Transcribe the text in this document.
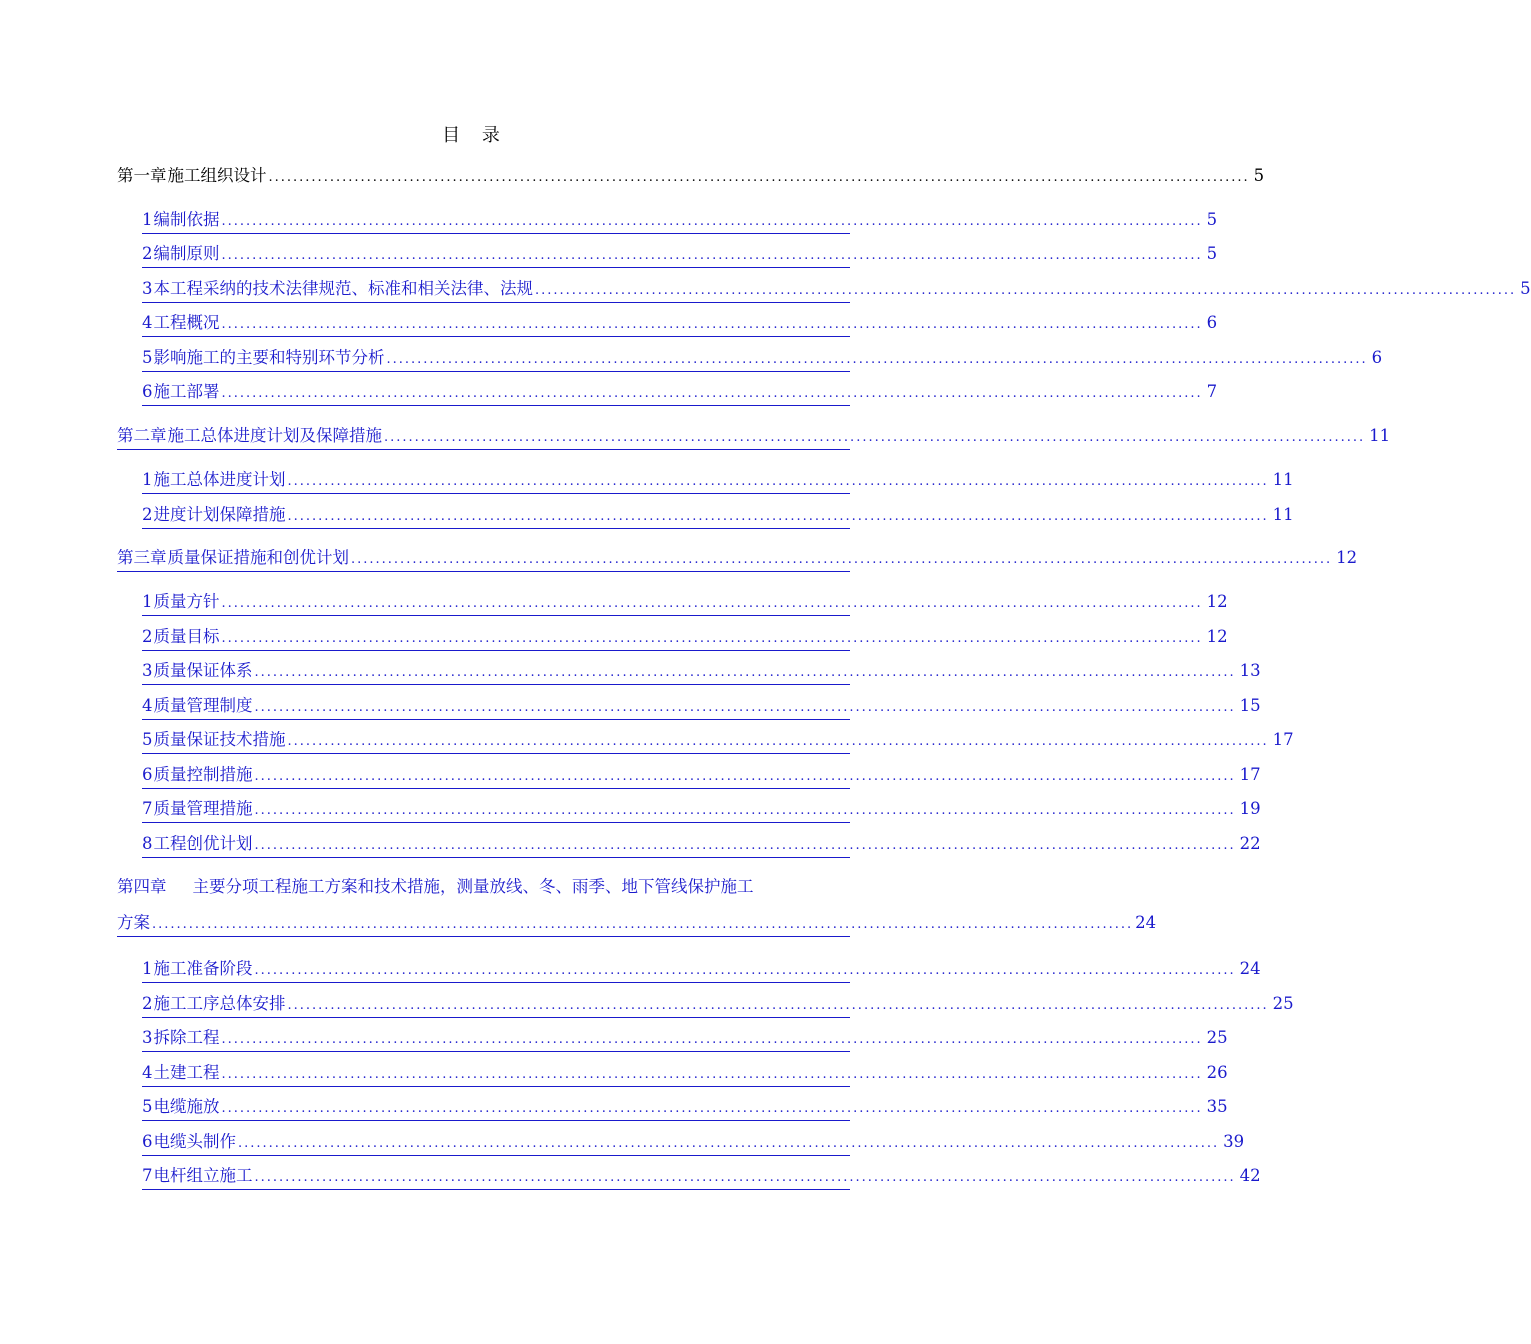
目 录
第一章 施工组织设计 ................................................................................................................................................................ 5
1 编制依据 ................................................................................................................................................................ 5
2 编制原则 ................................................................................................................................................................ 5
3 本工程采纳的技术法律规范、标准和相关法律、法规 ................................................................................................................................................................ 5
4 工程概况 ................................................................................................................................................................ 6
5 影响施工的主要和特别环节分析 ................................................................................................................................................................ 6
6 施工部署 ................................................................................................................................................................ 7
第二章 施工总体进度计划及保障措施 ................................................................................................................................................................ 11
1 施工总体进度计划 ................................................................................................................................................................ 11
2 进度计划保障措施 ................................................................................................................................................................ 11
第三章 质量保证措施和创优计划 ................................................................................................................................................................ 12
1 质量方针 ................................................................................................................................................................ 12
2 质量目标 ................................................................................................................................................................ 12
3 质量保证体系 ................................................................................................................................................................ 13
4 质量管理制度 ................................................................................................................................................................ 15
5 质量保证技术措施 ................................................................................................................................................................ 17
6 质量控制措施 ................................................................................................................................................................ 17
7 质量管理措施 ................................................................................................................................................................ 19
8 工程创优计划 ................................................................................................................................................................ 22
1 施工准备阶段 ................................................................................................................................................................ 24
2 施工工序总体安排 ................................................................................................................................................................ 25
3 拆除工程 ................................................................................................................................................................ 25
4 土建工程 ................................................................................................................................................................ 26
5 电缆施放 ................................................................................................................................................................ 35
6 电缆头制作 ................................................................................................................................................................ 39
7 电杆组立施工 ................................................................................................................................................................ 42
第四章 主要分项工程施工方案和技术措施，测量放线、冬、雨季、地下管线保护施工
方案 ................................................................................................................................................................ 24
